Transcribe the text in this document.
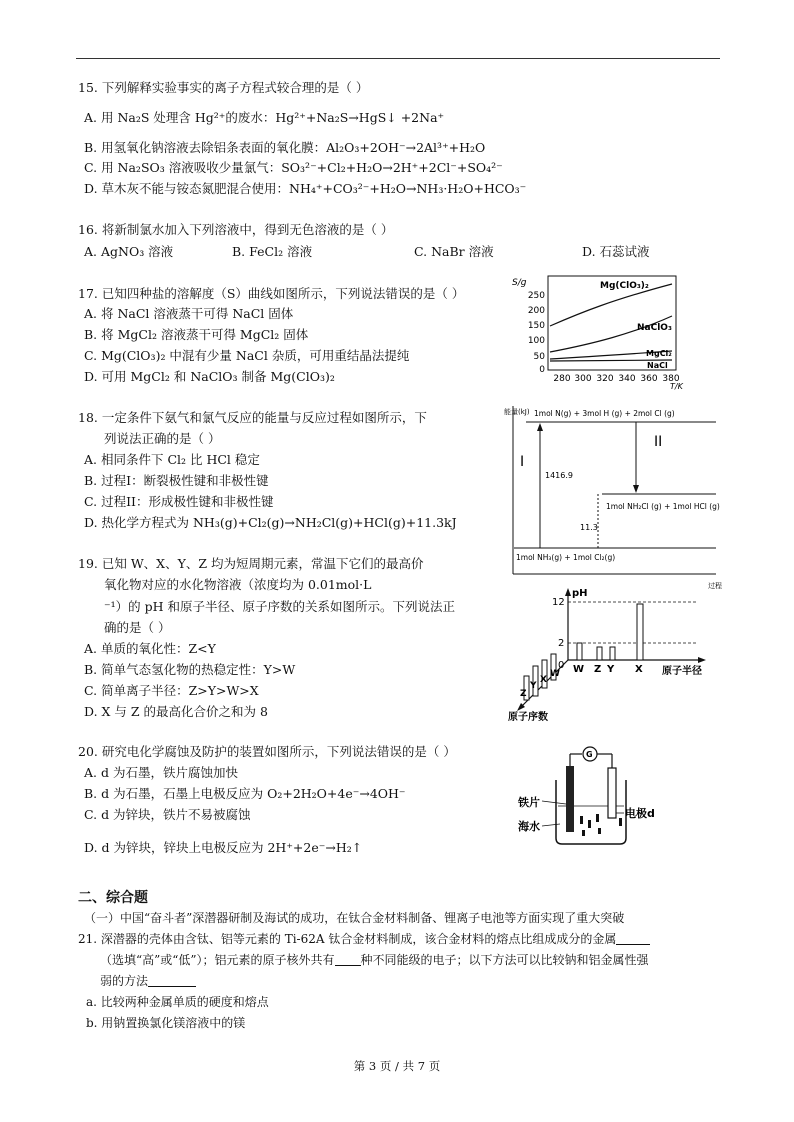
15. 下列解释实验事实的离子方程式较合理的是（ ）
A. 用 Na₂S 处理含 Hg²⁺的废水：Hg²⁺+Na₂S→HgS↓ +2Na⁺
B. 用氢氧化钠溶液去除铝条表面的氧化膜：Al₂O₃+2OH⁻→2Al³⁺+H₂O
C. 用 Na₂SO₃ 溶液吸收少量氯气：SO₃²⁻+Cl₂+H₂O→2H⁺+2Cl⁻+SO₄²⁻
D. 草木灰不能与铵态氮肥混合使用：NH₄⁺+CO₃²⁻+H₂O→NH₃·H₂O+HCO₃⁻
16. 将新制氯水加入下列溶液中，得到无色溶液的是（ ）
A. AgNO₃ 溶液	B. FeCl₂ 溶液	C. NaBr 溶液	D. 石蕊试液
17. 已知四种盐的溶解度（S）曲线如图所示，下列说法错误的是（ ）
A. 将 NaCl 溶液蒸干可得 NaCl 固体
B. 将 MgCl₂ 溶液蒸干可得 MgCl₂ 固体
C. Mg(ClO₃)₂ 中混有少量 NaCl 杂质，可用重结晶法提纯
D. 可用 MgCl₂ 和 NaClO₃ 制备 Mg(ClO₃)₂
S/g
0
50
100
150
200
250
280 300 320 340 360 380
T/K
Mg(ClO₃)₂
NaClO₃
MgCl₂
NaCl
18. 一定条件下氨气和氯气反应的能量与反应过程如图所示，下
列说法正确的是（ ）
A. 相同条件下 Cl₂ 比 HCl 稳定
B. 过程I：断裂极性键和非极性键
C. 过程II：形成极性键和非极性键
D. 热化学方程式为 NH₃(g)+Cl₂(g)→NH₂Cl(g)+HCl(g)+11.3kJ
能量(kJ) 1mol N(g) + 3mol H (g) + 2mol Cl (g)
1mol NH₂Cl (g) + 1mol HCl (g)
1mol NH₃(g) + 1mol Cl₂(g)
I
1416.9
II
11.3
过程
19. 已知 W、X、Y、Z 均为短周期元素，常温下它们的最高价
氧化物对应的水化物溶液（浓度均为 0.01mol·L
⁻¹）的 pH 和原子半径、原子序数的关系如图所示。下列说法正
确的是（ ）
A. 单质的氧化性：Z<Y
B. 简单气态氢化物的热稳定性：Y>W
C. 简单离子半径：Z>Y>W>X
D. X 与 Z 的最高化合价之和为 8
pH
12
2
0 W Z Y X 原子半径
Z
Y
X
W
原子序数
20. 研究电化学腐蚀及防护的装置如图所示，下列说法错误的是（ ）
A. d 为石墨，铁片腐蚀加快
B. d 为石墨，石墨上电极反应为 O₂+2H₂O+4e⁻→4OH⁻
C. d 为锌块，铁片不易被腐蚀
D. d 为锌块，锌块上电极反应为 2H⁺+2e⁻→H₂↑
G
铁片
海水
电极d
二、综合题
（一）中国“奋斗者”深潜器研制及海试的成功，在钛合金材料制备、锂离子电池等方面实现了重大突破
21. 深潜器的壳体由含钛、铝等元素的 Ti-62A 钛合金材料制成，该合金材料的熔点比组成成分的金属
（选填“高”或“低”）；铝元素的原子核外共有 种不同能级的电子；以下方法可以比较钠和铝金属性强
弱的方法
a. 比较两种金属单质的硬度和熔点
b. 用钠置换氯化镁溶液中的镁
第 3 页 / 共 7 页
